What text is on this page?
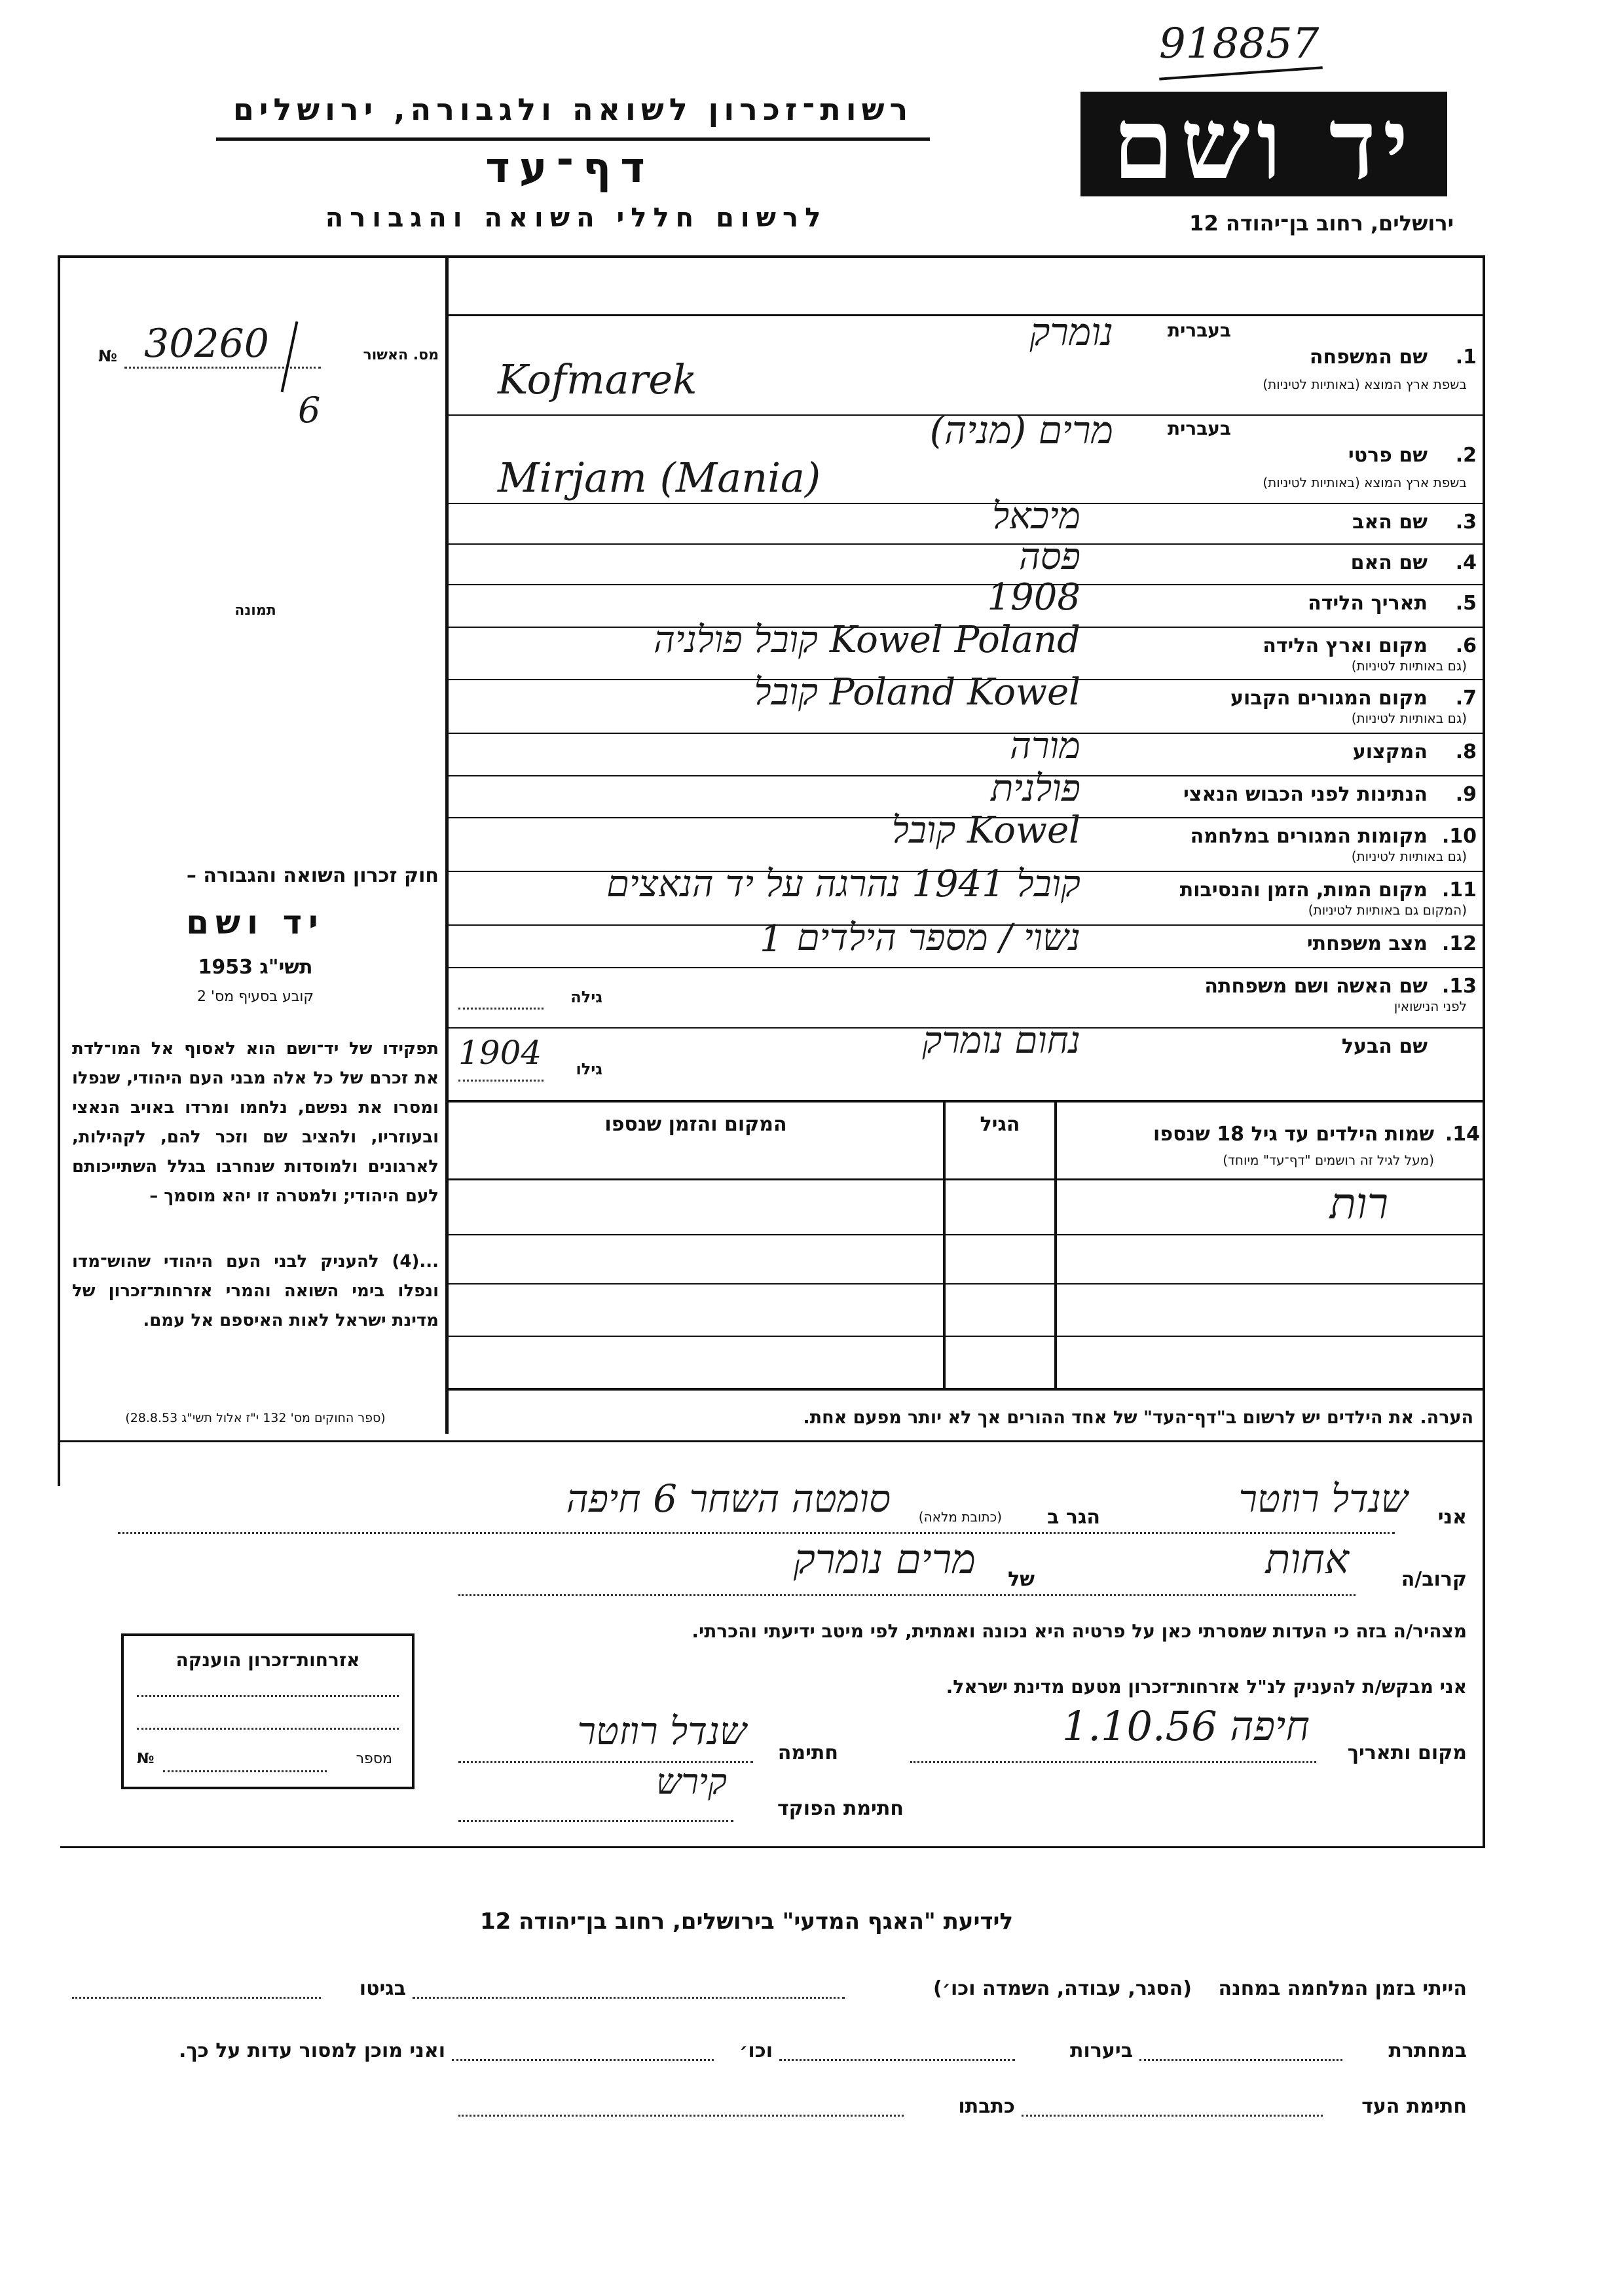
918857
רשות־זכרון לשואה ולגבורה, ירושלים
דף־עד
לרשום חללי השואה והגבורה
יד ושם
ירושלים, רחוב בן־יהודה 12
מס. האשור
№ 30260
6
תמונה
חוק זכרון השואה והגבורה –
יד ושם
תשי"ג 1953
קובע בסעיף מס' 2
תפקידו של יד־ושם הוא לאסוף אל המו־לדת את זכרם של כל אלה מבני העם היהודי, שנפלו ומסרו את נפשם, נלחמו ומרדו באויב הנאצי ובעוזריו, ולהציב שם וזכר להם, לקהילות, לארגונים ולמוסדות שנחרבו בגלל השתייכותם לעם היהודי; ולמטרה זו יהא מוסמך –
...(4) להעניק לבני העם היהודי שהוש־מדו ונפלו בימי השואה והמרי אזרחות־זכרון של מדינת ישראל לאות האיספם אל עמם.
(ספר החוקים מס' 132 י"ז אלול תשי"ג 28.8.53)
1.
בעברית
שם המשפחה
בשפת ארץ המוצא (באותיות לטיניות)
נומרק
Kofmarek
2.
בעברית
שם פרטי
בשפת ארץ המוצא (באותיות לטיניות)
מרים (מניה)
Mirjam (Mania)
3.
שם האב
מיכאל
4.
שם האם
פסה
5.
תאריך הלידה
1908
6.
מקום וארץ הלידה
(גם באותיות לטיניות)
Kowel Poland קובל פולניה
7.
מקום המגורים הקבוע
(גם באותיות לטיניות)
Poland Kowel קובל
8.
המקצוע
מורה
9.
הנתינות לפני הכבוש הנאצי
פולנית
10.
מקומות המגורים במלחמה
(גם באותיות לטיניות)
Kowel קובל
11.
מקום המות, הזמן והנסיבות
(המקום גם באותיות לטיניות)
קובל 1941 נהרגה על יד הנאצים
12.
מצב משפחתי
נשוי / מספר הילדים
1
13.
שם האשה ושם משפחתה
לפני הנישואין
גילה
שם הבעל
נחום נומרק
גילו
1904
14.
שמות הילדים עד גיל 18 שנספו
(מעל לגיל זה רושמים "דף־עד" מיוחד)
הגיל
המקום והזמן שנספו
רות
הערה. את הילדים יש לרשום ב"דף־העד" של אחד ההורים אך לא יותר מפעם אחת.
אני
שנדל רוזטר
הגר ב
(כתובת מלאה)
סומטה השחר 6 חיפה
קרוב/ה
אחות
של
מרים נומרק
מצהיר/ה בזה כי העדות שמסרתי כאן על פרטיה היא נכונה ואמתית, לפי מיטב ידיעתי והכרתי.
אזרחות־זכרון הוענקה
מספר
№
אני מבקש/ת להעניק לנ"ל אזרחות־זכרון מטעם מדינת ישראל.
מקום ותאריך
חיפה 1.10.56
חתימה
שנדל רוזטר
חתימת הפוקד
קירש
לידיעת "האגף המדעי" בירושלים, רחוב בן־יהודה 12
הייתי בזמן המלחמה במחנה
(הסגר, עבודה, השמדה וכו׳)
בגיטו
במחתרת
ביערות
וכו׳
ואני מוכן למסור עדות על כך.
חתימת העד
כתבתו
